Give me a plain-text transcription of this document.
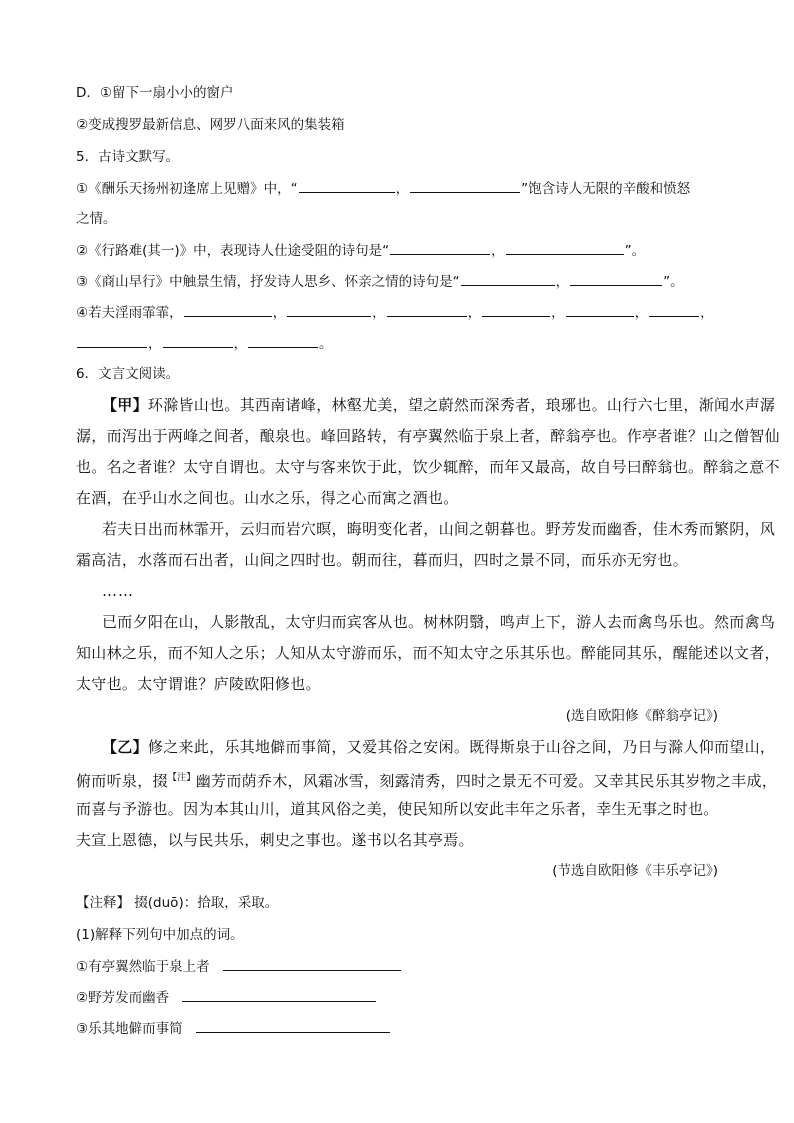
D．①留下一扇小小的窗户
②变成搜罗最新信息、网罗八面来风的集装箱
5．古诗文默写。
①《酬乐天扬州初逢席上见赠》中，“	，	”饱含诗人无限的辛酸和愤怒
之情。
②《行路难(其一)》中，表现诗人仕途受阻的诗句是“	，	”。
③《商山早行》中触景生情，抒发诗人思乡、怀亲之情的诗句是“	，	”。
④若夫淫雨霏霏，	，	，	，	，	，	，
，	，	。
6．文言文阅读。
【甲】环滁皆山也。其西南诸峰，林壑尤美，望之蔚然而深秀者，琅琊也。山行六七里，渐闻水声潺
潺，而泻出于两峰之间者，酿泉也。峰回路转，有亭翼然临于泉上者，醉翁亭也。作亭者谁？山之僧智仙
也。名之者谁？太守自谓也。太守与客来饮于此，饮少辄醉，而年又最高，故自号曰醉翁也。醉翁之意不
在酒，在乎山水之间也。山水之乐，得之心而寓之酒也。
若夫日出而林霏开，云归而岩穴暝，晦明变化者，山间之朝暮也。野芳发而幽香，佳木秀而繁阴，风
霜高洁，水落而石出者，山间之四时也。朝而往，暮而归，四时之景不同，而乐亦无穷也。
……
已而夕阳在山，人影散乱，太守归而宾客从也。树林阴翳，鸣声上下，游人去而禽鸟乐也。然而禽鸟
知山林之乐，而不知人之乐；人知从太守游而乐，而不知太守之乐其乐也。醉能同其乐，醒能述以文者，
太守也。太守谓谁？庐陵欧阳修也。
(选自欧阳修《醉翁亭记》)
【乙】修之来此，乐其地僻而事简，又爱其俗之安闲。既得斯泉于山谷之间，乃日与滁人仰而望山，
俯而听泉，掇$^{【注】}$幽芳而荫乔木，风霜冰雪，刻露清秀，四时之景无不可爱。又幸其民乐其岁物之丰成，
而喜与予游也。因为本其山川，道其风俗之美，使民知所以安此丰年之乐者，幸生无事之时也。
夫宣上恩德，以与民共乐，刺史之事也。遂书以名其亭焉。
(节选自欧阳修《丰乐亭记》)
【注释】 掇(duō)：拾取，采取。
(1)解释下列句中加点的词。
①有亭翼然临于泉上者
②野芳发而幽香
③乐其地僻而事简
